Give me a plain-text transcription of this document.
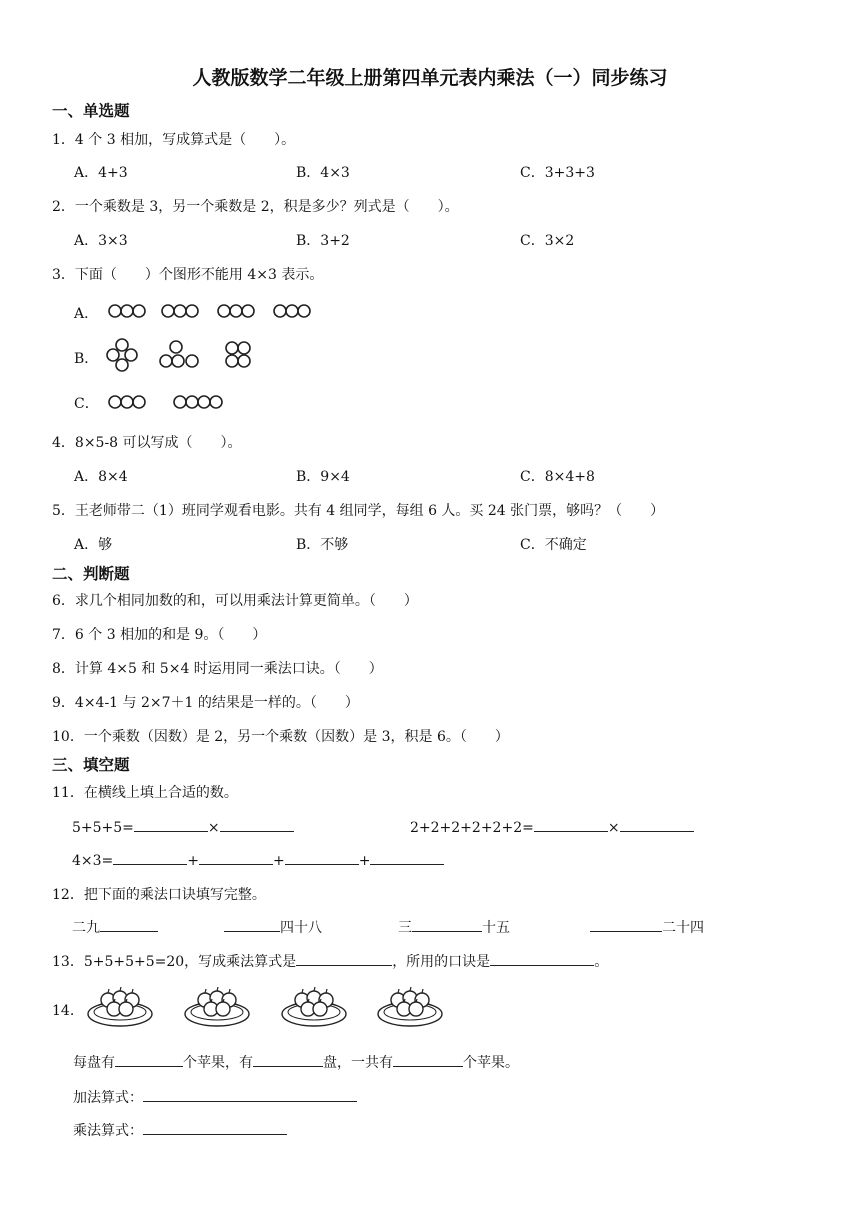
人教版数学二年级上册第四单元表内乘法（一）同步练习
一、单选题
1．4 个 3 相加，写成算式是（　　）。
A．4+3	B．4×3	C．3+3+3
2．一个乘数是 3，另一个乘数是 2，积是多少？列式是（　　）。
A．3×3	B．3+2	C．3×2
3．下面（　　）个图形不能用 4×3 表示。
A．
B．
C．
4．8×5-8 可以写成（　　）。
A．8×4	B．9×4	C．8×4+8
5．王老师带二（1）班同学观看电影。共有 4 组同学，每组 6 人。买 24 张门票，够吗？（　　）
A．够	B．不够	C．不确定
二、判断题
6．求几个相同加数的和，可以用乘法计算更简单。（　　）
7．6 个 3 相加的和是 9。（　　）
8．计算 4×5 和 5×4 时运用同一乘法口诀。（　　）
9．4×4-1 与 2×7＋1 的结果是一样的。（　　）
10．一个乘数（因数）是 2，另一个乘数（因数）是 3，积是 6。（　　）
三、填空题
11．在横线上填上合适的数。
5+5+5=	×	2+2+2+2+2+2=	×
4×3=	+	+	+
12．把下面的乘法口诀填写完整。
二九	四十八	三	十五	二十四
13．5+5+5+5=20，写成乘法算式是	，所用的口诀是	。
14.
每盘有	个苹果，有	盘，一共有	个苹果。
加法算式：
乘法算式：
